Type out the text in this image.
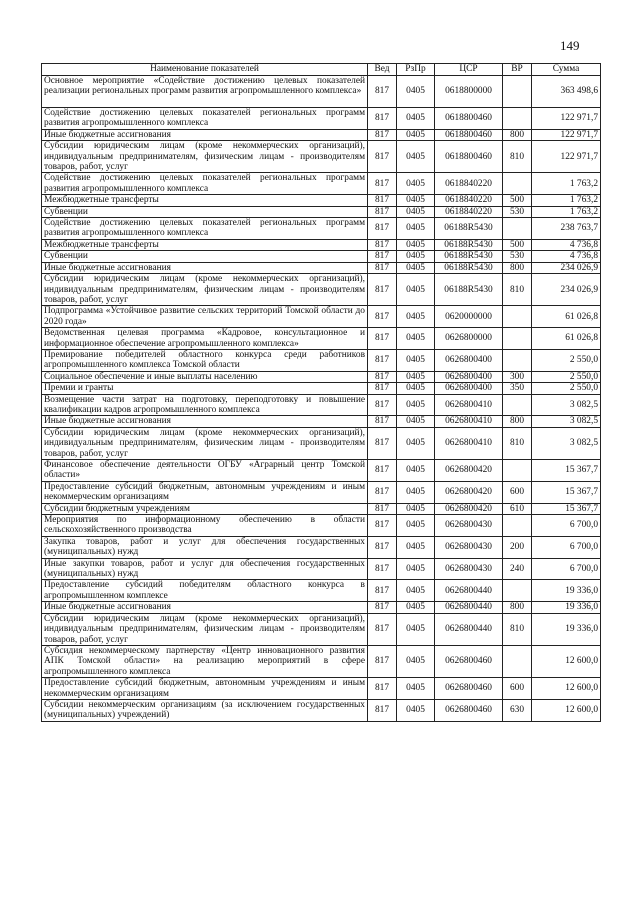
149
Наименование показателей	Вед	РзПр	ЦСР	ВР	Сумма
Основное мероприятие «Содействие достижению целевых показателей реализации региональных программ развития агропромышленного комплекса»	817	0405	0618800000		363 498,6
Содействие достижению целевых показателей региональных программ развития агропромышленного комплекса	817	0405	0618800460		122 971,7
Иные бюджетные ассигнования	817	0405	0618800460	800	122 971,7
Субсидии юридическим лицам (кроме некоммерческих организаций), индивидуальным предпринимателям, физическим лицам - производителям товаров, работ, услуг	817	0405	0618800460	810	122 971,7
Содействие достижению целевых показателей региональных программ развития агропромышленного комплекса	817	0405	0618840220		1 763,2
Межбюджетные трансферты	817	0405	0618840220	500	1 763,2
Субвенции	817	0405	0618840220	530	1 763,2
Содействие достижению целевых показателей региональных программ развития агропромышленного комплекса	817	0405	06188R5430		238 763,7
Межбюджетные трансферты	817	0405	06188R5430	500	4 736,8
Субвенции	817	0405	06188R5430	530	4 736,8
Иные бюджетные ассигнования	817	0405	06188R5430	800	234 026,9
Субсидии юридическим лицам (кроме некоммерческих организаций), индивидуальным предпринимателям, физическим лицам - производителям товаров, работ, услуг	817	0405	06188R5430	810	234 026,9
Подпрограмма «Устойчивое развитие сельских территорий Томской области до 2020 года»	817	0405	0620000000		61 026,8
Ведомственная целевая программа «Кадровое, консультационное и информационное обеспечение агропромышленного комплекса»	817	0405	0626800000		61 026,8
Премирование победителей областного конкурса среди работников агропромышленного комплекса Томской области	817	0405	0626800400		2 550,0
Социальное обеспечение и иные выплаты населению	817	0405	0626800400	300	2 550,0
Премии и гранты	817	0405	0626800400	350	2 550,0
Возмещение части затрат на подготовку, переподготовку и повышение квалификации кадров агропромышленного комплекса	817	0405	0626800410		3 082,5
Иные бюджетные ассигнования	817	0405	0626800410	800	3 082,5
Субсидии юридическим лицам (кроме некоммерческих организаций), индивидуальным предпринимателям, физическим лицам - производителям товаров, работ, услуг	817	0405	0626800410	810	3 082,5
Финансовое обеспечение деятельности ОГБУ «Аграрный центр Томской области»	817	0405	0626800420		15 367,7
Предоставление субсидий бюджетным, автономным учреждениям и иным некоммерческим организациям	817	0405	0626800420	600	15 367,7
Субсидии бюджетным учреждениям	817	0405	0626800420	610	15 367,7
Мероприятия по информационному обеспечению в области сельскохозяйственного производства	817	0405	0626800430		6 700,0
Закупка товаров, работ и услуг для обеспечения государственных (муниципальных) нужд	817	0405	0626800430	200	6 700,0
Иные закупки товаров, работ и услуг для обеспечения государственных (муниципальных) нужд	817	0405	0626800430	240	6 700,0
Предоставление субсидий победителям областного конкурса в агропромышленном комплексе	817	0405	0626800440		19 336,0
Иные бюджетные ассигнования	817	0405	0626800440	800	19 336,0
Субсидии юридическим лицам (кроме некоммерческих организаций), индивидуальным предпринимателям, физическим лицам - производителям товаров, работ, услуг	817	0405	0626800440	810	19 336,0
Субсидия некоммерческому партнерству «Центр инновационного развития АПК Томской области» на реализацию мероприятий в сфере агропромышленного комплекса	817	0405	0626800460		12 600,0
Предоставление субсидий бюджетным, автономным учреждениям и иным некоммерческим организациям	817	0405	0626800460	600	12 600,0
Субсидии некоммерческим организациям (за исключением государственных (муниципальных) учреждений)	817	0405	0626800460	630	12 600,0
